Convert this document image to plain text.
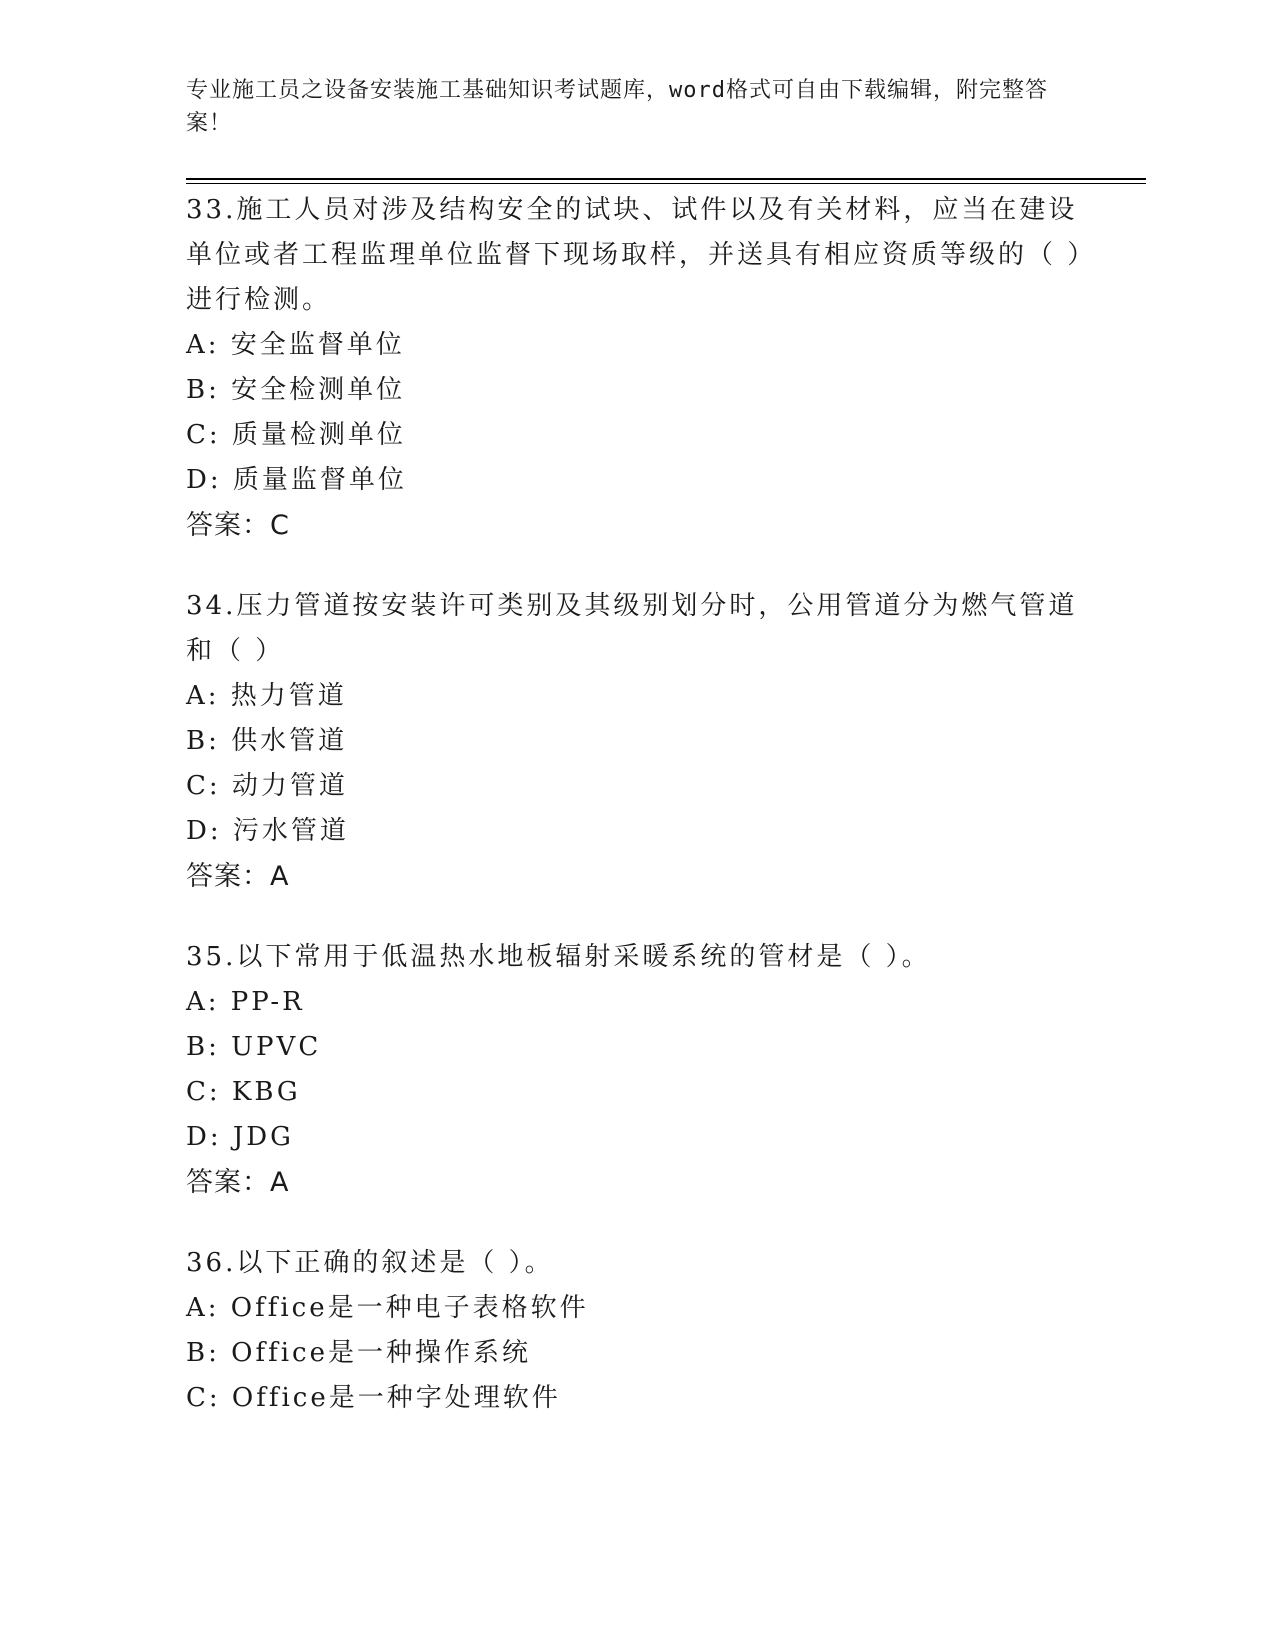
专业施工员之设备安装施工基础知识考试题库，word格式可自由下载编辑，附完整答案！

33.施工人员对涉及结构安全的试块、试件以及有关材料，应当在建设单位或者工程监理单位监督下现场取样，并送具有相应资质等级的（ ）进行检测。

A: 安全监督单位

B: 安全检测单位

C: 质量检测单位

D: 质量监督单位

答案：C

34.压力管道按安装许可类别及其级别划分时，公用管道分为燃气管道和（ ）

A: 热力管道

B: 供水管道

C: 动力管道

D: 污水管道

答案：A

35.以下常用于低温热水地板辐射采暖系统的管材是（ ）。

A: PP-R

B: UPVC

C: KBG

D: JDG

答案：A

36.以下正确的叙述是（ ）。

A: Office是一种电子表格软件

B: Office是一种操作系统

C: Office是一种字处理软件
